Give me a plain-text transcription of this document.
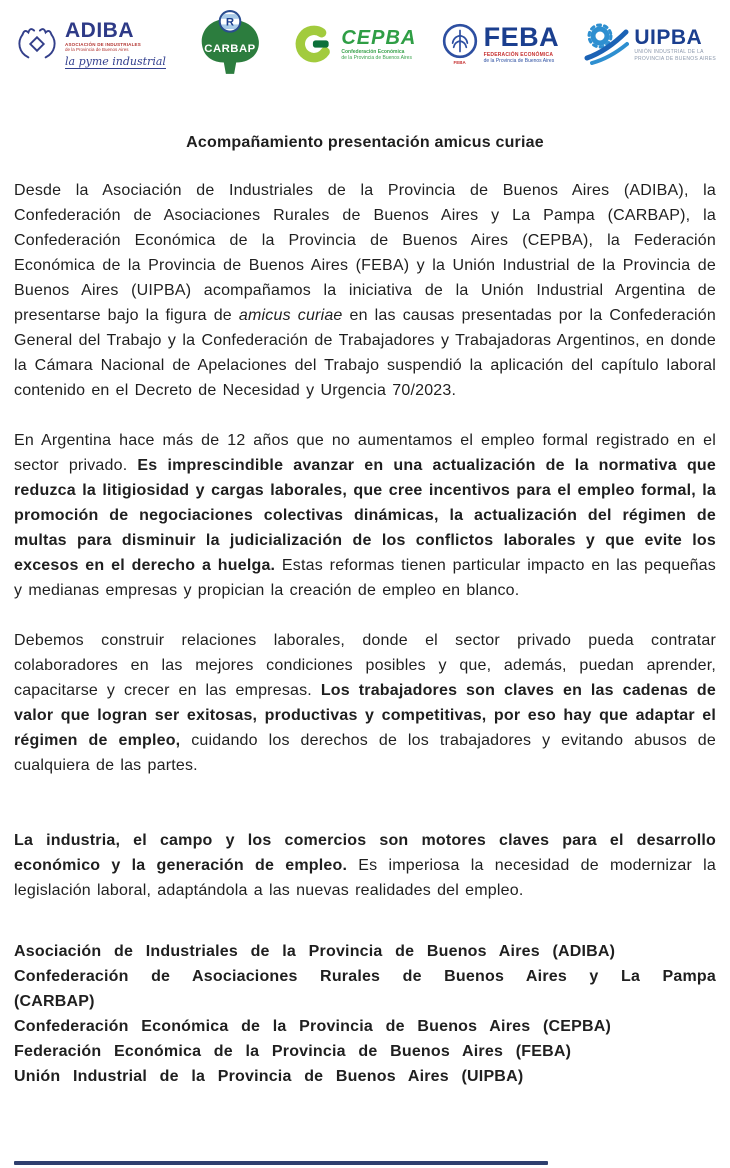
ADIBA
ASOCIACIÓN DE INDUSTRIALES
de la Provincia de Buenos Aires
la pyme industrial
R
CARBAP
CEPBA
Confederación Económica
de la Provincia de Buenos Aires
FEBA
FEBA
FEDERACIÓN ECONÓMICA
de la Provincia de Buenos Aires
UIPBA
UNIÓN INDUSTRIAL DE LA
PROVINCIA DE BUENOS AIRES
Acompañamiento presentación amicus curiae

Desde la Asociación de Industriales de la Provincia de Buenos Aires (ADIBA), la Confederación de Asociaciones Rurales de Buenos Aires y La Pampa (CARBAP), la Confederación Económica de la Provincia de Buenos Aires (CEPBA), la Federación Económica de la Provincia de Buenos Aires (FEBA) y la Unión Industrial de la Provincia de Buenos Aires (UIPBA) acompañamos la iniciativa de la Unión Industrial Argentina de presentarse bajo la figura de amicus curiae en las causas presentadas por la Confederación General del Trabajo y la Confederación de Trabajadores y Trabajadoras Argentinos, en donde la Cámara Nacional de Apelaciones del Trabajo suspendió la aplicación del capítulo laboral contenido en el Decreto de Necesidad y Urgencia 70/2023.

En Argentina hace más de 12 años que no aumentamos el empleo formal registrado en el sector privado. Es imprescindible avanzar en una actualización de la normativa que reduzca la litigiosidad y cargas laborales, que cree incentivos para el empleo formal, la promoción de negociaciones colectivas dinámicas, la actualización del régimen de multas para disminuir la judicialización de los conflictos laborales y que evite los excesos en el derecho a huelga. Estas reformas tienen particular impacto en las pequeñas y medianas empresas y propician la creación de empleo en blanco.

Debemos construir relaciones laborales, donde el sector privado pueda contratar colaboradores en las mejores condiciones posibles y que, además, puedan aprender, capacitarse y crecer en las empresas. Los trabajadores son claves en las cadenas de valor que logran ser exitosas, productivas y competitivas, por eso hay que adaptar el régimen de empleo, cuidando los derechos de los trabajadores y evitando abusos de cualquiera de las partes.

La industria, el campo y los comercios son motores claves para el desarrollo económico y la generación de empleo. Es imperiosa la necesidad de modernizar la legislación laboral, adaptándola a las nuevas realidades del empleo.

Asociación de Industriales de la Provincia de Buenos Aires (ADIBA)
Confederación de Asociaciones Rurales de Buenos Aires y La Pampa (CARBAP)
Confederación Económica de la Provincia de Buenos Aires (CEPBA)
Federación Económica de la Provincia de Buenos Aires (FEBA)
Unión Industrial de la Provincia de Buenos Aires (UIPBA)
